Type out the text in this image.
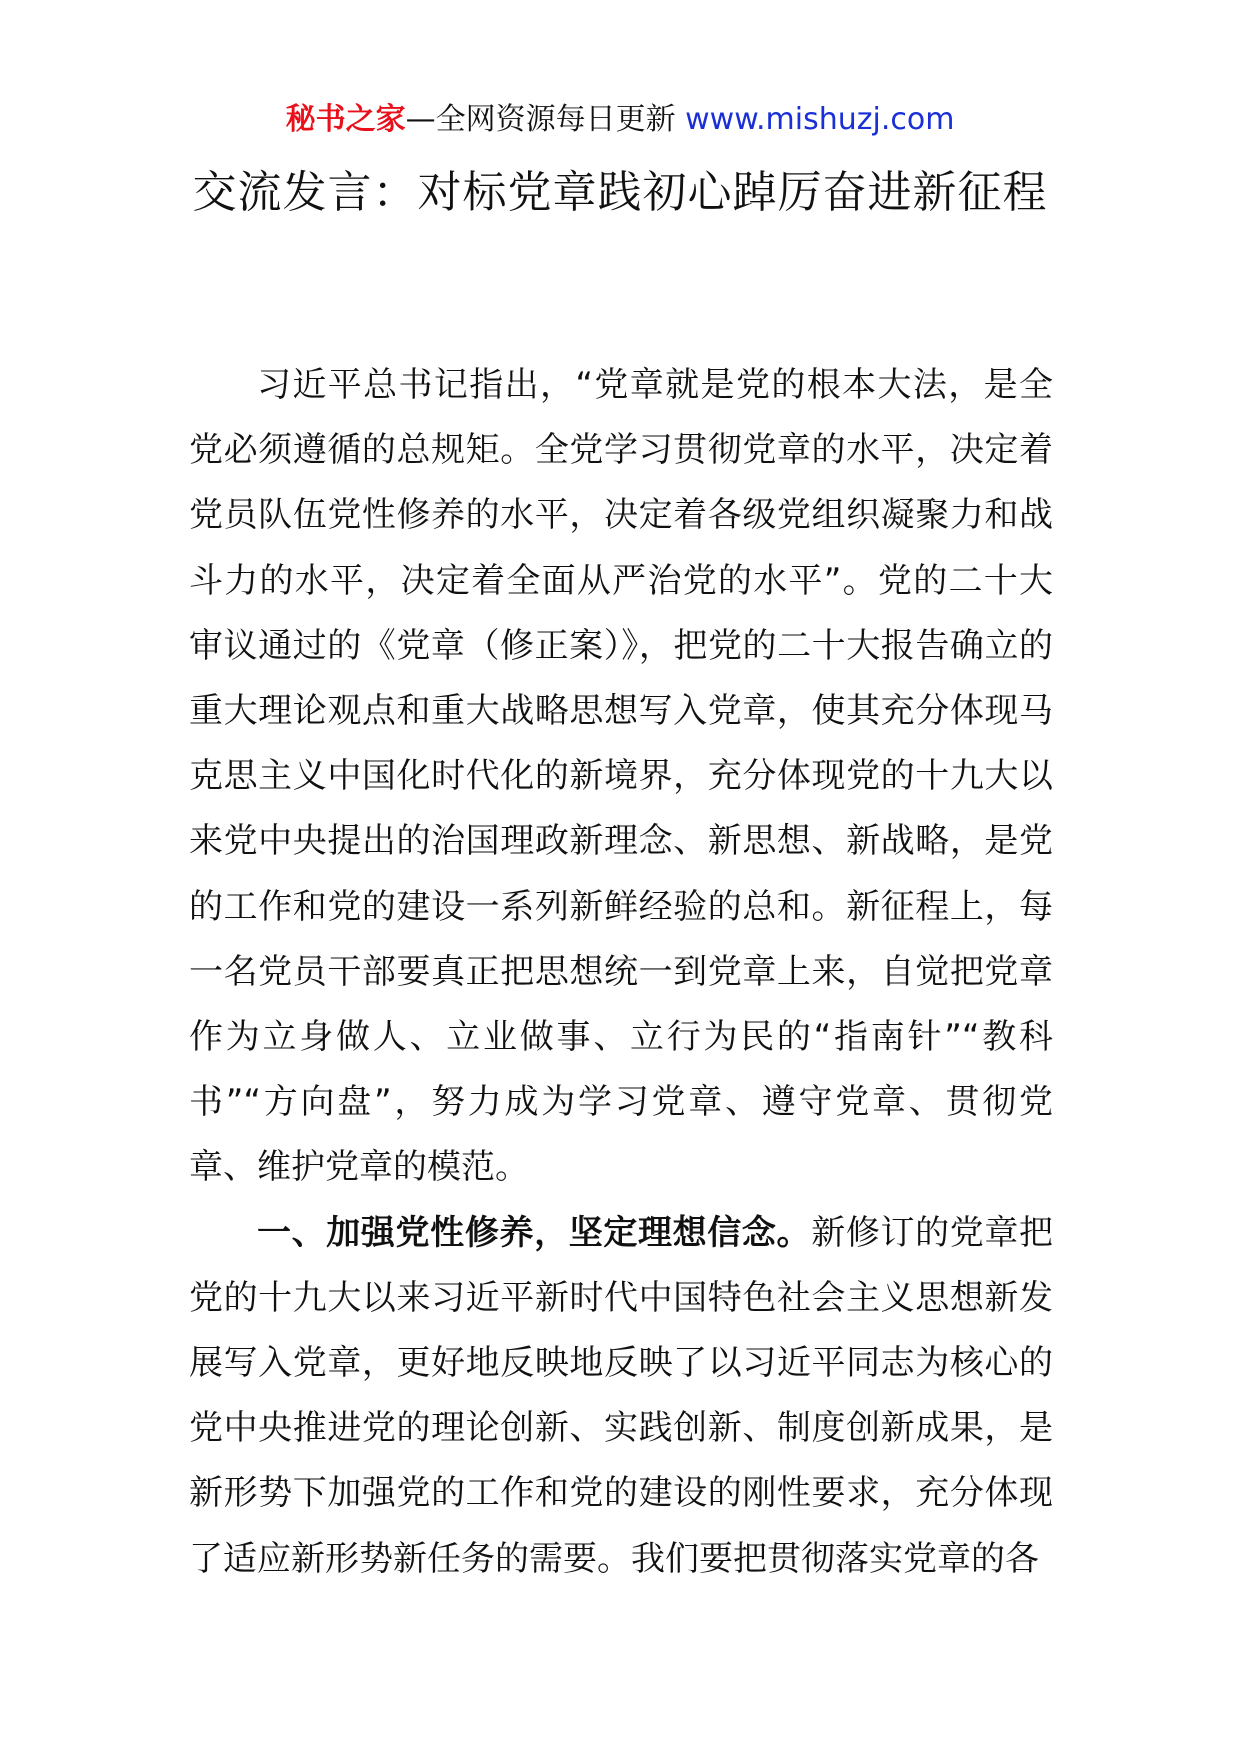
秘书之家—全网资源每日更新 www.mishuzj.com
交流发言：对标党章践初心踔厉奋进新征程

习近平总书记指出，“党章就是党的根本大法，是全党必须遵循的总规矩。全党学习贯彻党章的水平，决定着党员队伍党性修养的水平，决定着各级党组织凝聚力和战斗力的水平，决定着全面从严治党的水平”。党的二十大审议通过的《党章（修正案）》，把党的二十大报告确立的重大理论观点和重大战略思想写入党章，使其充分体现马克思主义中国化时代化的新境界，充分体现党的十九大以来党中央提出的治国理政新理念、新思想、新战略，是党的工作和党的建设一系列新鲜经验的总和。新征程上，每一名党员干部要真正把思想统一到党章上来，自觉把党章作为立身做人、立业做事、立行为民的“指南针”“教科书”“方向盘”，努力成为学习党章、遵守党章、贯彻党章、维护党章的模范。

一、加强党性修养，坚定理想信念。新修订的党章把党的十九大以来习近平新时代中国特色社会主义思想新发展写入党章，更好地反映地反映了以习近平同志为核心的党中央推进党的理论创新、实践创新、制度创新成果，是新形势下加强党的工作和党的建设的刚性要求，充分体现了适应新形势新任务的需要。我们要把贯彻落实党章的各
